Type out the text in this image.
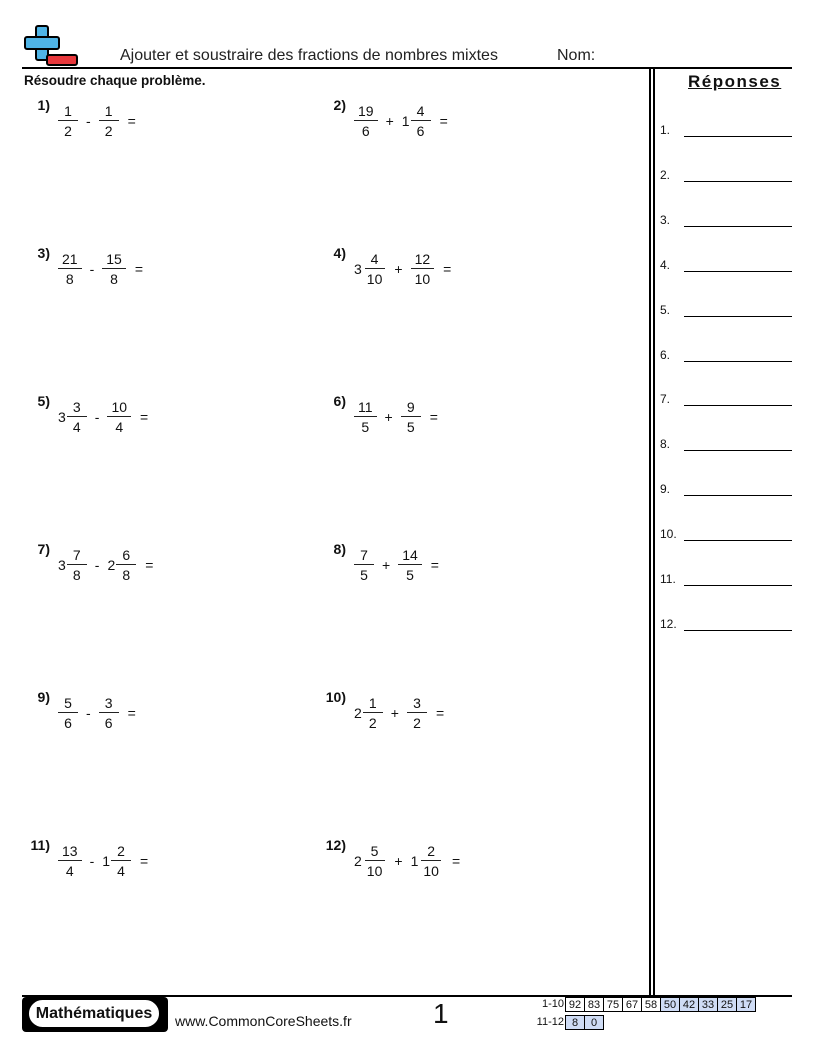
Ajouter et soustraire des fractions de nombres mixtes	Nom:
Résoudre chaque problème.
$1) \frac{1}{2} - \frac{1}{2}$ =
$2) \frac{19}{6} + 1 \frac{4}{6}$ =
$3) \frac{21}{8} - \frac{15}{8}$ =
4)
$3 \frac{4}{10} + \frac{12}{10}$ =
5)
$3 \frac{3}{4} - \frac{10}{4}$ =
$6) \frac{11}{5} + \frac{9}{5}$ =
7)
$3 \frac{7}{8} - 2 \frac{6}{8}$ =
$8) \frac{7}{5} + \frac{14}{5}$ =
$9) \frac{5}{6} - \frac{3}{6}$ =
10)
$2 \frac{1}{2} + \frac{3}{2}$ =
$11) \frac{13}{4} - 1 \frac{2}{4}$ =
12)
$2 \frac{5}{10} + 1 \frac{2}{10}$ =
Réponses
1.
2.
3.
4.
5.
6.
7.
8.
9.
10.
11.
12.
Mathématiques	www.CommonCoreSheets.fr	1	1-10 92 83 75 67 58 50 42 33 25 17
11-12 8	0
